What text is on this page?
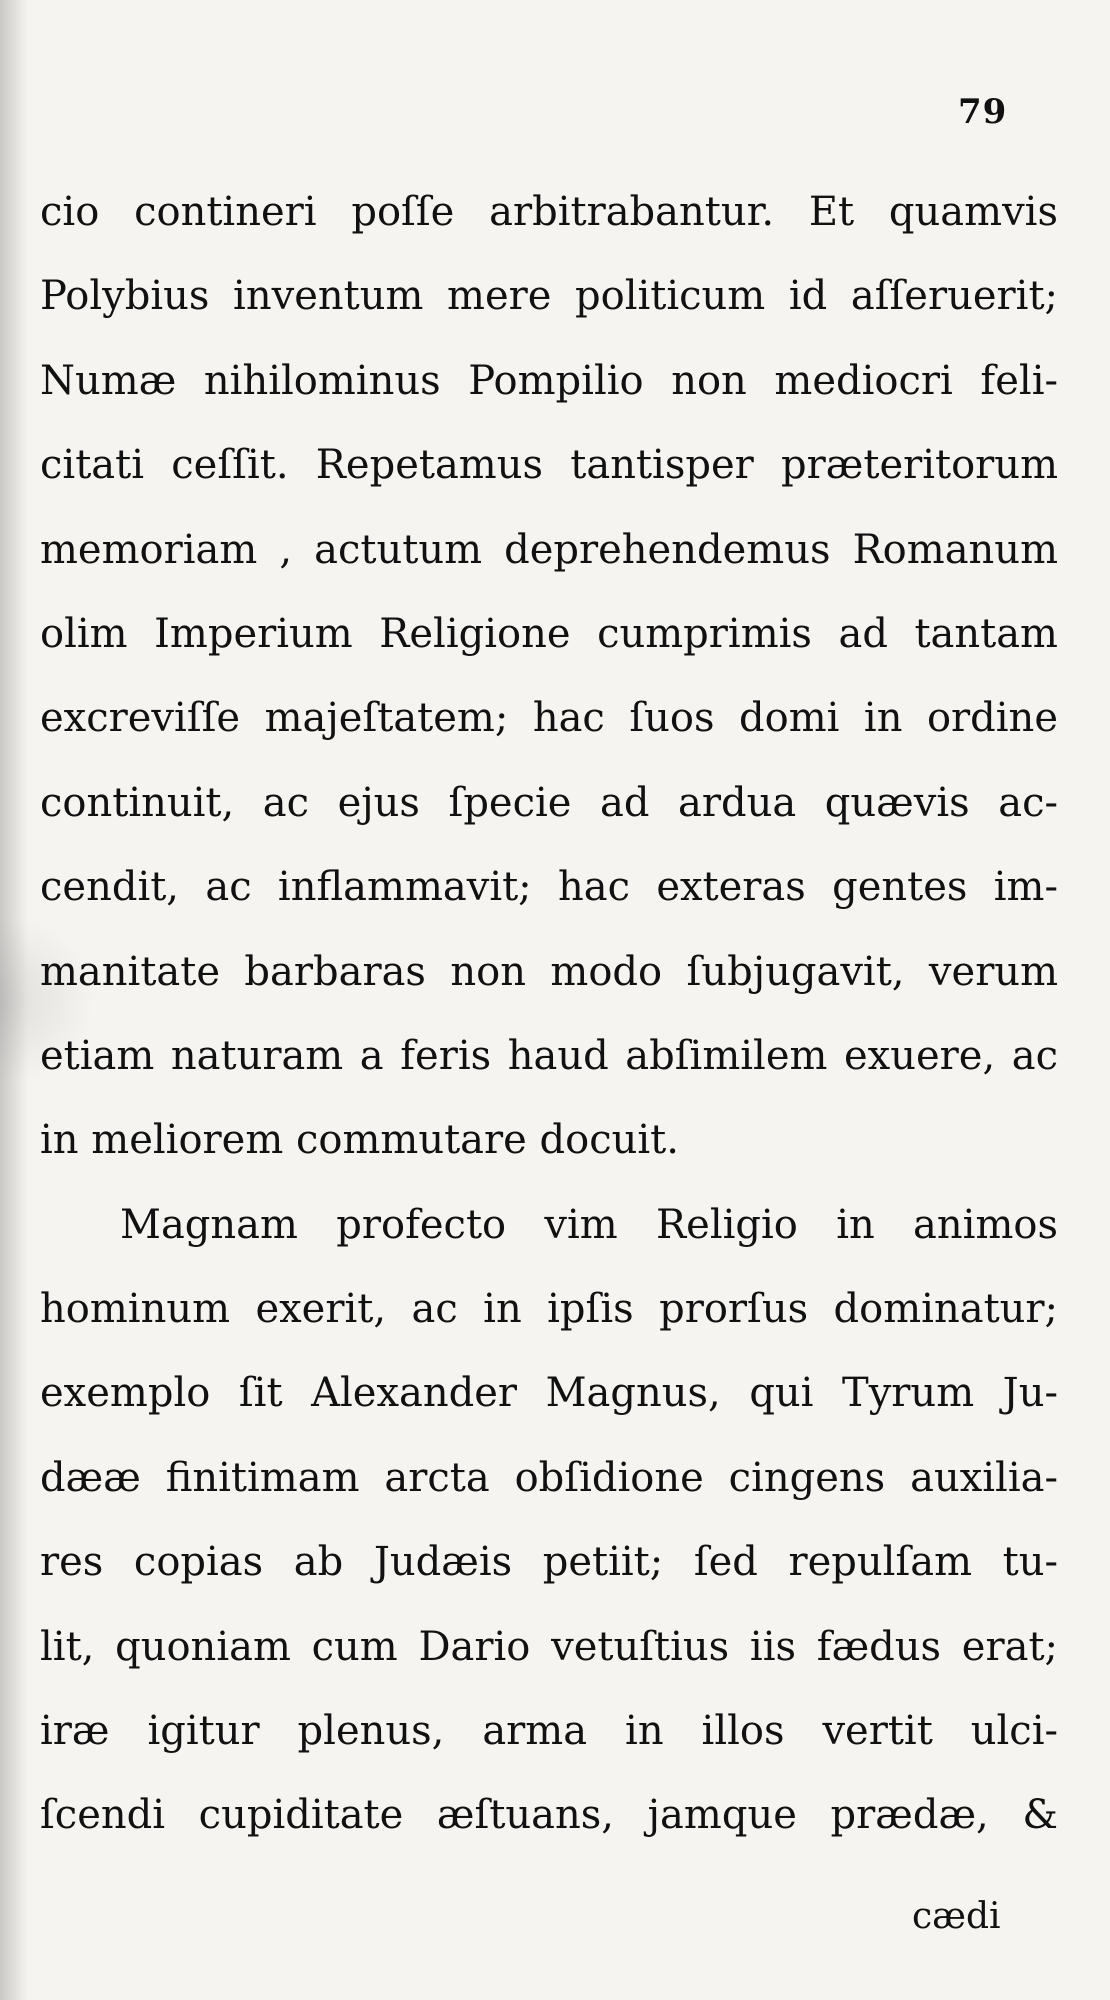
79
cio contineri poſſe arbitrabantur. Et quamvis
Polybius inventum mere politicum id aſſeruerit;
Numæ nihilominus Pompilio non mediocri feli-
citati ceſſit. Repetamus tantisper præteritorum
memoriam , actutum deprehendemus Romanum
olim Imperium Religione cumprimis ad tantam
excreviſſe majeſtatem; hac ſuos domi in ordine
continuit, ac ejus ſpecie ad ardua quævis ac-
cendit, ac inflammavit; hac exteras gentes im-
manitate barbaras non modo ſubjugavit, verum
etiam naturam a feris haud abſimilem exuere, ac
in meliorem commutare docuit.
Magnam profecto vim Religio in animos
hominum exerit, ac in ipſis prorſus dominatur;
exemplo ſit Alexander Magnus, qui Tyrum Ju-
dææ finitimam arcta obſidione cingens auxilia-
res copias ab Judæis petiit; ſed repulſam tu-
lit, quoniam cum Dario vetuſtius iis fædus erat;
iræ igitur plenus, arma in illos vertit ulci-
ſcendi cupiditate æſtuans, jamque prædæ, &
cædi
